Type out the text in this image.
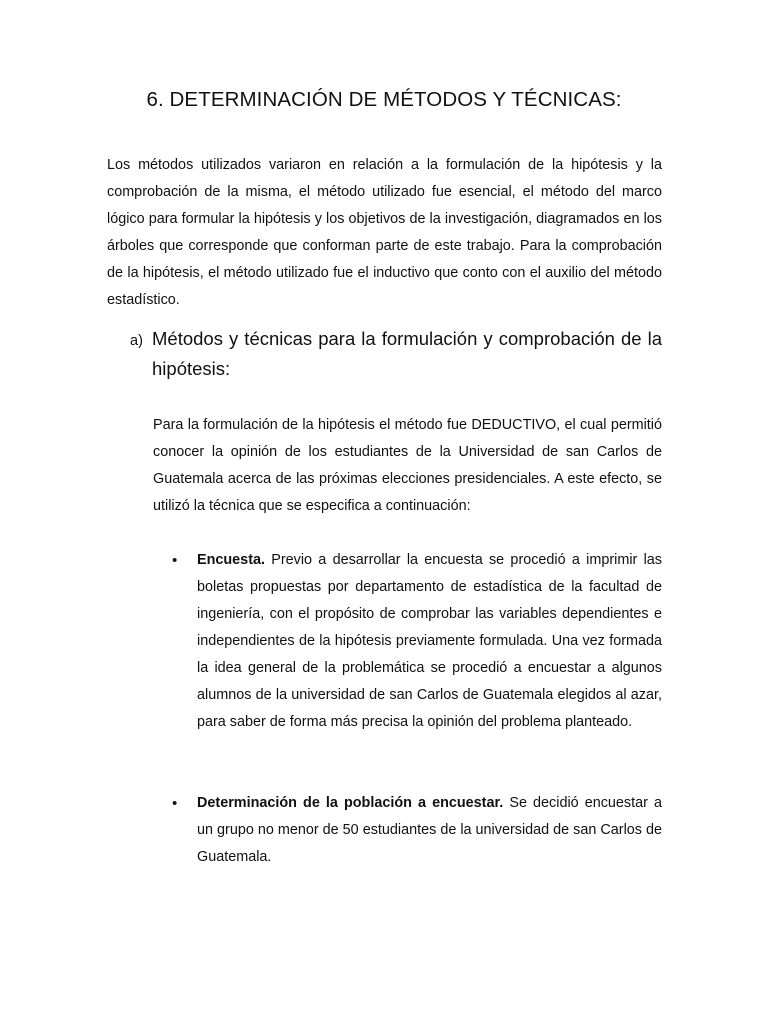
6. DETERMINACIÓN DE MÉTODOS Y TÉCNICAS:

Los métodos utilizados variaron en relación a la formulación de la hipótesis y la comprobación de la misma, el método utilizado fue esencial, el método del marco lógico para formular la hipótesis y los objetivos de la investigación, diagramados en los árboles que corresponde que conforman parte de este trabajo. Para la comprobación de la hipótesis, el método utilizado fue el inductivo que conto con el auxilio del método estadístico.

a) Métodos y técnicas para la formulación y comprobación de la hipótesis:

Para la formulación de la hipótesis el método fue DEDUCTIVO, el cual permitió conocer la opinión de los estudiantes de la Universidad de san Carlos de Guatemala acerca de las próximas elecciones presidenciales. A este efecto, se utilizó la técnica que se especifica a continuación:

•	Encuesta. Previo a desarrollar la encuesta se procedió a imprimir las boletas propuestas por departamento de estadística de la facultad de ingeniería, con el propósito de comprobar las variables dependientes e independientes de la hipótesis previamente formulada. Una vez formada la idea general de la problemática se procedió a encuestar a algunos alumnos de la universidad de san Carlos de Guatemala elegidos al azar, para saber de forma más precisa la opinión del problema planteado.
•	Determinación de la población a encuestar. Se decidió encuestar a un grupo no menor de 50 estudiantes de la universidad de san Carlos de Guatemala.
